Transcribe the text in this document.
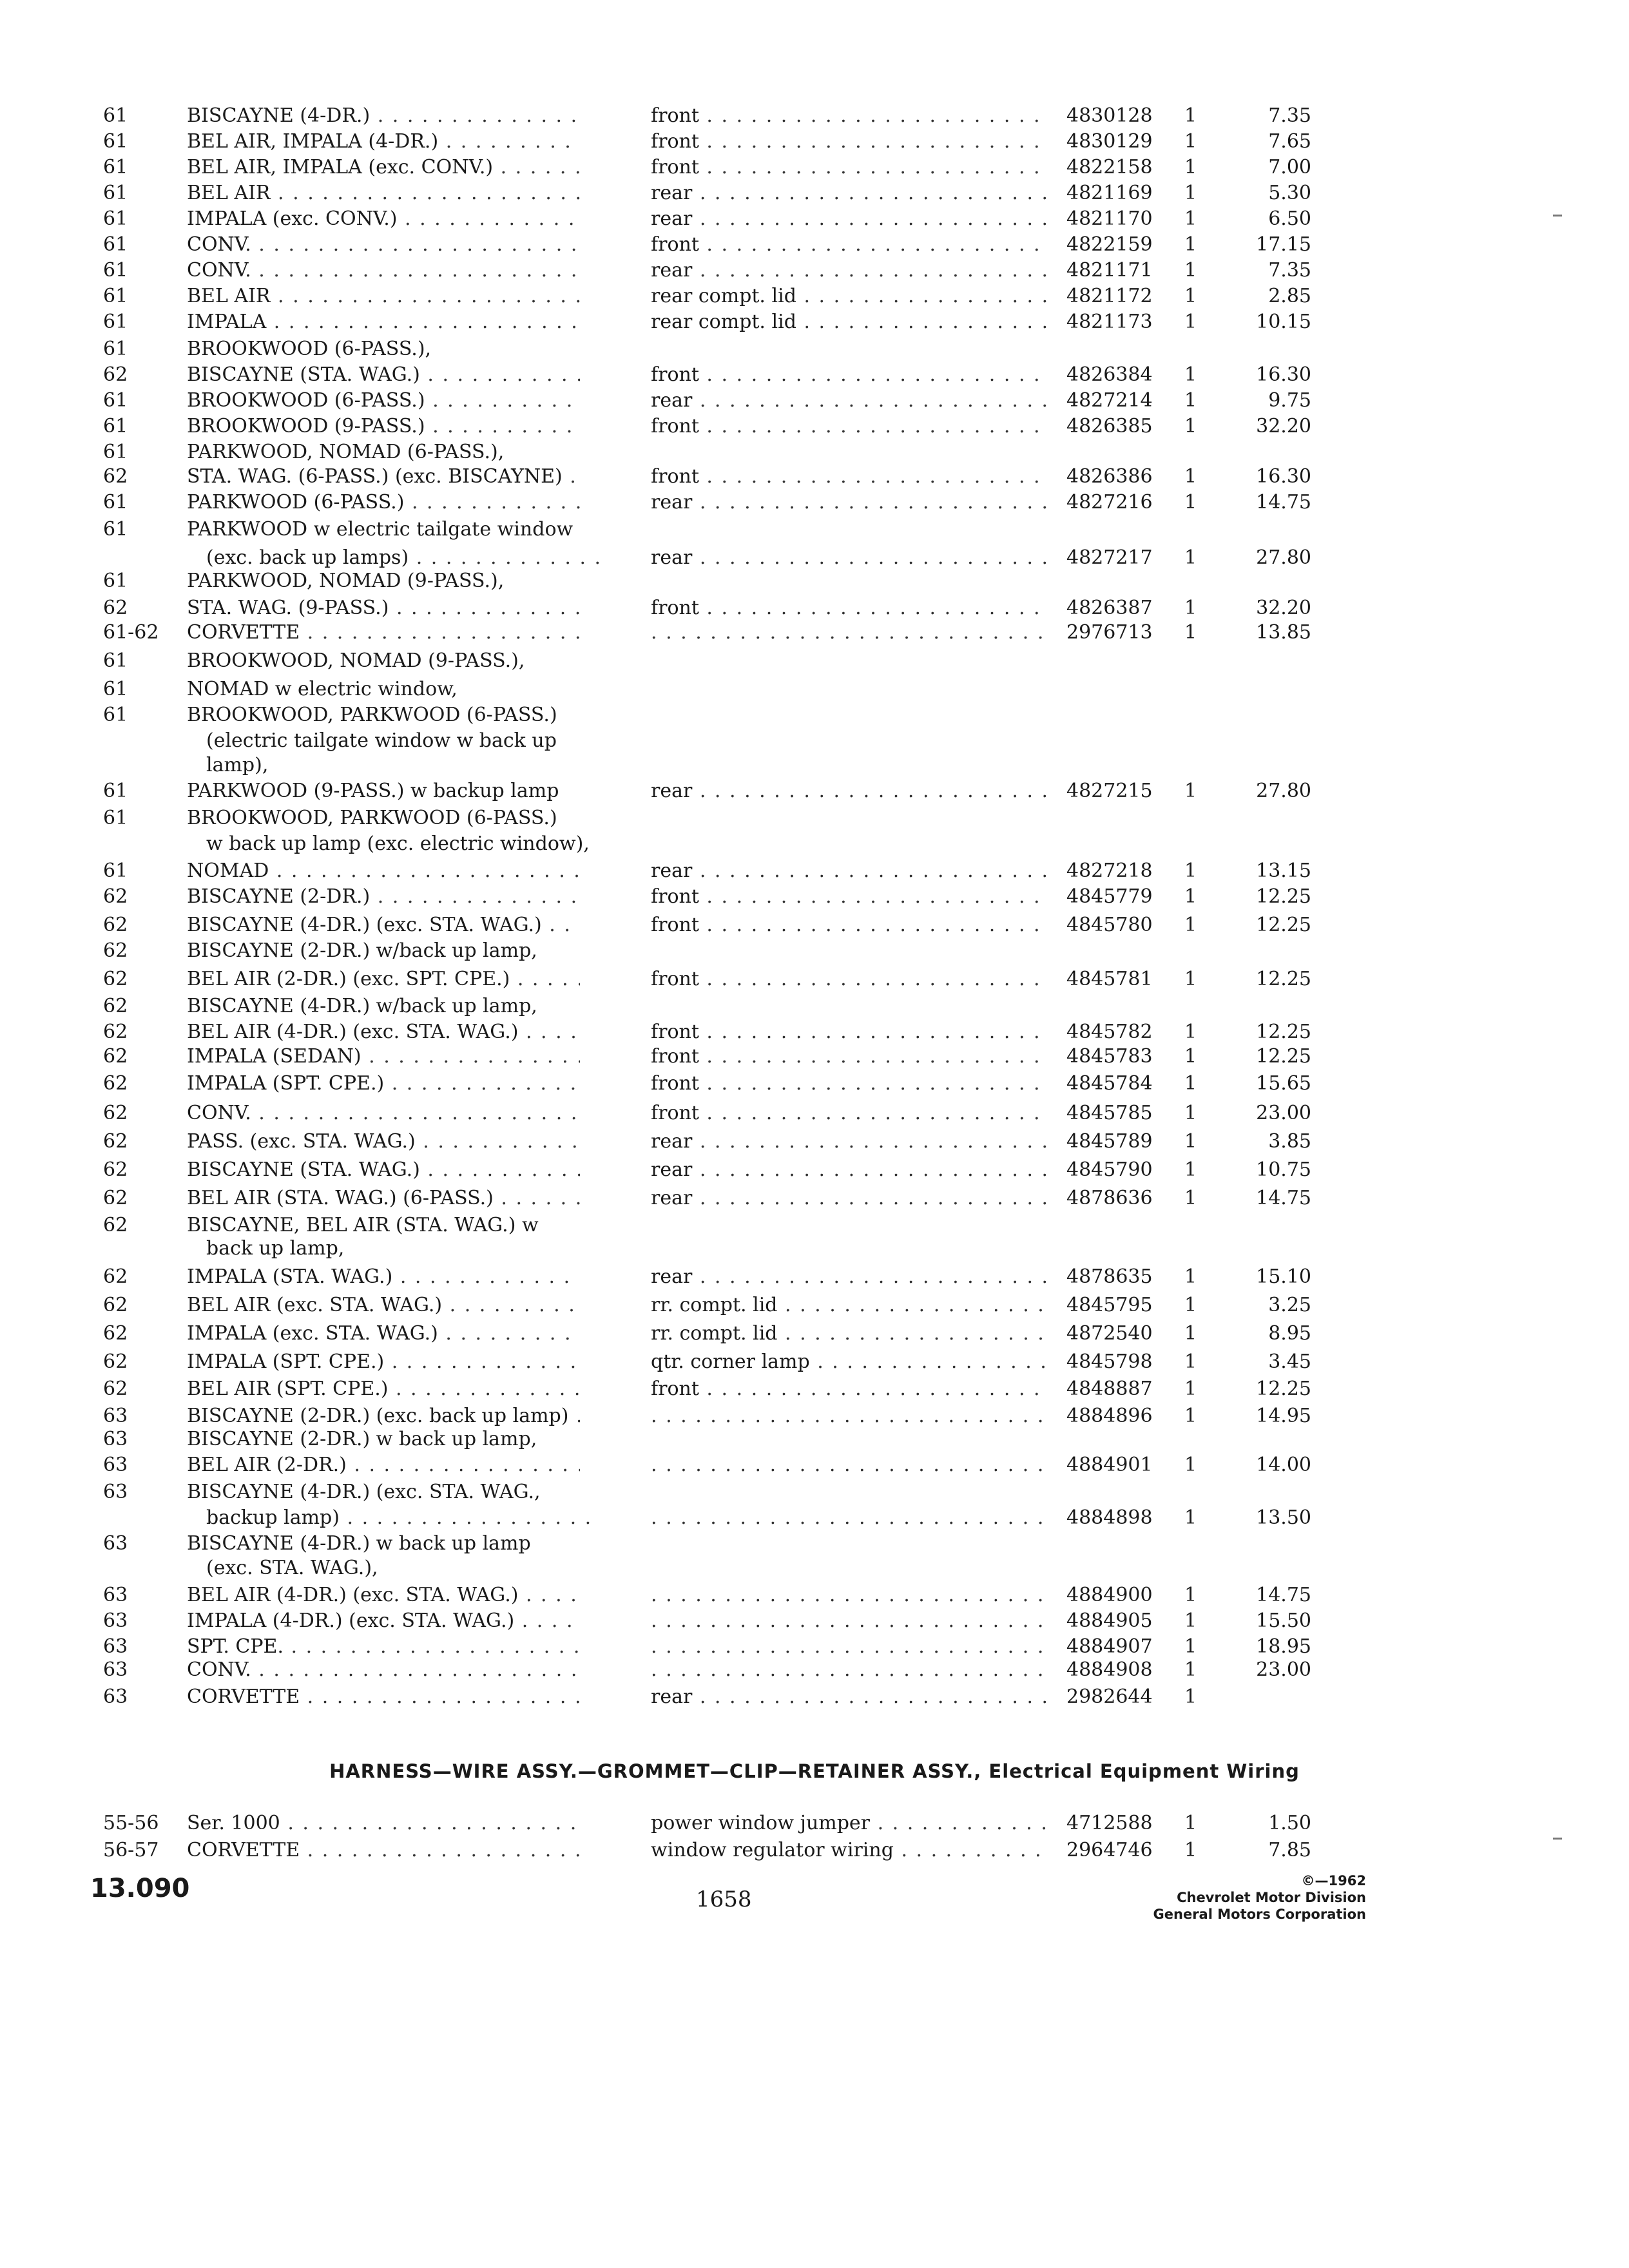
61	BISCAYNE (4-DR.) . . .	front . . .	4830128	1	7.35
61	BEL AIR, IMPALA (4-DR.) . . .	front . . .	4830129	1	7.65
61	BEL AIR, IMPALA (exc. CONV.) . . .	front . . .	4822158	1	7.00
61	BEL AIR . . .	rear . . .	4821169	1	5.30
61	IMPALA (exc. CONV.) . . .	rear . . .	4821170	1	6.50
61	CONV. . . .	front . . .	4822159	1	17.15
61	CONV. . . .	rear . . .	4821171	1	7.35
61	BEL AIR . . .	rear compt. lid . . .	4821172	1	2.85
61	IMPALA . . .	rear compt. lid . . .	4821173	1	10.15
61	BROOKWOOD (6-PASS.),
62	BISCAYNE (STA. WAG.) . . .	front . . .	4826384	1	16.30
61	BROOKWOOD (6-PASS.) . . .	rear . . .	4827214	1	9.75
61	BROOKWOOD (9-PASS.) . . .	front . . .	4826385	1	32.20
61	PARKWOOD, NOMAD (6-PASS.),
62	STA. WAG. (6-PASS.) (exc. BISCAYNE) . . .	front . . .	4826386	1	16.30
61	PARKWOOD (6-PASS.) . . .	rear . . .	4827216	1	14.75
61	PARKWOOD w electric tailgate window
(exc. back up lamps) . . .	rear . . .	4827217	1	27.80
61	PARKWOOD, NOMAD (9-PASS.),
62	STA. WAG. (9-PASS.) . . .	front . . .	4826387	1	32.20
61-62	CORVETTE . . . . . .	2976713	1	13.85
61	BROOKWOOD, NOMAD (9-PASS.),
61	NOMAD w electric window,
61	BROOKWOOD, PARKWOOD (6-PASS.)
(electric tailgate window w back up
lamp),
61	PARKWOOD (9-PASS.) w backup lamp	rear . . .	4827215	1	27.80
61	BROOKWOOD, PARKWOOD (6-PASS.)
w back up lamp (exc. electric window),
61	NOMAD . . .	rear . . .	4827218	1	13.15
62	BISCAYNE (2-DR.) . . .	front . . .	4845779	1	12.25
62	BISCAYNE (4-DR.) (exc. STA. WAG.) . . .	front . . .	4845780	1	12.25
62	BISCAYNE (2-DR.) w/back up lamp,
62	BEL AIR (2-DR.) (exc. SPT. CPE.) . . .	front . . .	4845781	1	12.25
62	BISCAYNE (4-DR.) w/back up lamp,
62	BEL AIR (4-DR.) (exc. STA. WAG.) . . .	front . . .	4845782	1	12.25
62	IMPALA (SEDAN) . . .	front . . .	4845783	1	12.25
62	IMPALA (SPT. CPE.) . . .	front . . .	4845784	1	15.65
62	CONV. . . .	front . . .	4845785	1	23.00
62	PASS. (exc. STA. WAG.) . . .	rear . . .	4845789	1	3.85
62	BISCAYNE (STA. WAG.) . . .	rear . . .	4845790	1	10.75
62	BEL AIR (STA. WAG.) (6-PASS.) . . .	rear . . .	4878636	1	14.75
62	BISCAYNE, BEL AIR (STA. WAG.) w
back up lamp,
62	IMPALA (STA. WAG.) . . .	rear . . .	4878635	1	15.10
62	BEL AIR (exc. STA. WAG.) . . .	rr. compt. lid . . .	4845795	1	3.25
62	IMPALA (exc. STA. WAG.) . . .	rr. compt. lid . . .	4872540	1	8.95
62	IMPALA (SPT. CPE.) . . .	qtr. corner lamp . . .	4845798	1	3.45
62	BEL AIR (SPT. CPE.) . . .	front . . .	4848887	1	12.25
63	BISCAYNE (2-DR.) (exc. back up lamp) . . . . . .	4884896	1	14.95
63	BISCAYNE (2-DR.) w back up lamp,
63	BEL AIR (2-DR.) . . . . . .	4884901	1	14.00
63	BISCAYNE (4-DR.) (exc. STA. WAG.,
backup lamp) . . . . . .	4884898	1	13.50
63	BISCAYNE (4-DR.) w back up lamp
(exc. STA. WAG.),
63	BEL AIR (4-DR.) (exc. STA. WAG.) . . . . . .	4884900	1	14.75
63	IMPALA (4-DR.) (exc. STA. WAG.) . . . . . .	4884905	1	15.50
63	SPT. CPE. . . . . . .	4884907	1	18.95
63	CONV. . . . . . .	4884908	1	23.00
63	CORVETTE . . .	rear . . .	2982644	1
HARNESS—WIRE ASSY.—GROMMET—CLIP—RETAINER ASSY., Electrical Equipment Wiring
55-56	Ser. 1000 . . .	power window jumper . . .	4712588	1	1.50
56-57	CORVETTE . . .	window regulator wiring . . .	2964746	1	7.85
13.090	1658
©—1962
Chevrolet Motor Division
General Motors Corporation
